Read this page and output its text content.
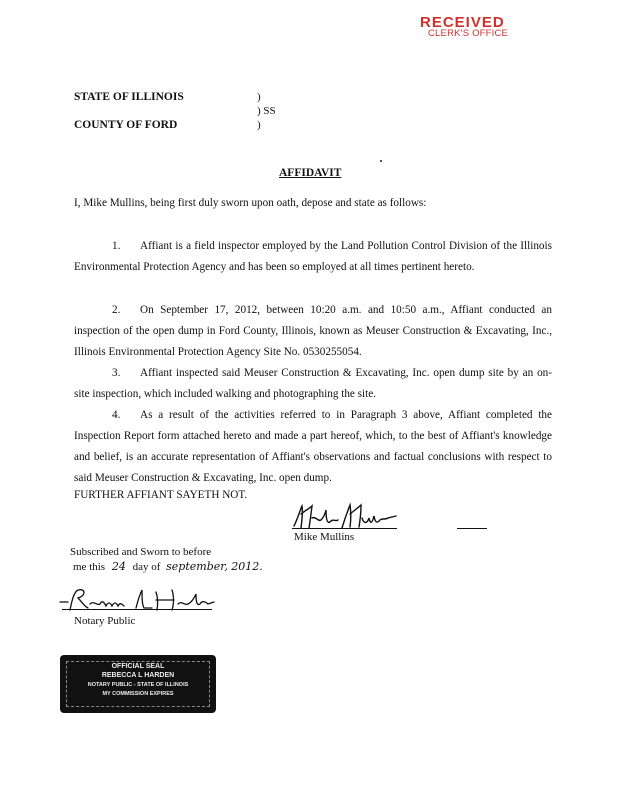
RECEIVED
CLERK'S OFFICE
STATE OF ILLINOIS
COUNTY OF FORD
)
) SS
)
AFFIDAVIT
I, Mike Mullins, being first duly sworn upon oath, depose and state as follows:
1. Affiant is a field inspector employed by the Land Pollution Control Division of the Illinois Environmental Protection Agency and has been so employed at all times pertinent hereto.
2. On September 17, 2012, between 10:20 a.m. and 10:50 a.m., Affiant conducted an inspection of the open dump in Ford County, Illinois, known as Meuser Construction & Excavating, Inc., Illinois Environmental Protection Agency Site No. 0530255054.
3. Affiant inspected said Meuser Construction & Excavating, Inc. open dump site by an on-site inspection, which included walking and photographing the site.
4. As a result of the activities referred to in Paragraph 3 above, Affiant completed the Inspection Report form attached hereto and made a part hereof, which, to the best of Affiant's knowledge and belief, is an accurate representation of Affiant's observations and factual conclusions with respect to said Meuser Construction & Excavating, Inc. open dump.
FURTHER AFFIANT SAYETH NOT.
Mike Mullins
Subscribed and Sworn to before
me this 24 day of september, 2012.
Notary Public
OFFICIAL SEAL
REBECCA L HARDEN
NOTARY PUBLIC - STATE OF ILLINOIS
MY COMMISSION EXPIRES
